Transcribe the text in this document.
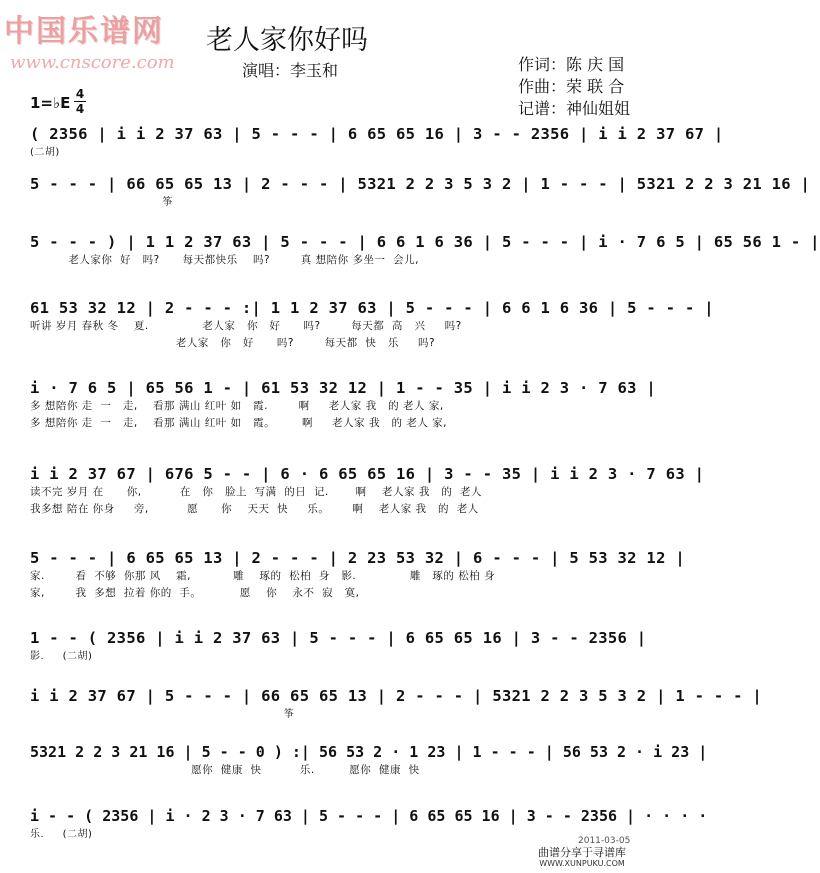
中国乐谱网
www.cnscore.com
老人家你好吗
演唱：李玉和	作词：陈 庆 国
作曲：荣 联 合
记谱：神仙姐姐
1=♭E 4
4
( 2356 | i i 2 37 63 | 5 - - - | 6 65 65 16 | 3 - - 2356 | i i 2 37 67 |
(二胡)
5 - - - | 66 65 65 13 | 2 - - - | 5321 2 2 3 5 3 2 | 1 - - - | 5321 2 2 3 21 16 |
筝
5 - - - ) | 1 1 2 37 63 | 5 - - - | 6 6 1 6 36 | 5 - - - | i · 7 6 5 | 65 56 1 - |
老人家你  好   吗?      每天都快乐    吗?        真 想陪你 多坐一  会儿,
61 53 32 12 | 2 - - - :| 1 1 2 37 63 | 5 - - - | 6 6 1 6 36 | 5 - - - |
听讲 岁月 春秋 冬    夏.              老人家   你   好      吗?        每天都  高   兴     吗?
老人家   你   好      吗?        每天都  快   乐     吗?
i · 7 6 5 | 65 56 1 - | 61 53 32 12 | 1 - - 35 | i i 2 3 · 7 63 |
多 想陪你 走  一   走,    看那 满山 红叶 如   霞.        啊     老人家 我   的 老人 家,
多 想陪你 走  一   走,    看那 满山 红叶 如   霞。       啊     老人家 我   的 老人 家,
i i 2 37 67 | 676 5 - - | 6 · 6 65 65 16 | 3 - - 35 | i i 2 3 · 7 63 |
读不完 岁月 在      你,          在   你   脸上  写满  的日  记.       啊    老人家 我   的  老人
我多想 陪在 你身     旁,          愿      你    天天  快     乐。      啊    老人家 我   的  老人
5 - - - | 6 65 65 13 | 2 - - - | 2 23 53 32 | 6 - - - | 5 53 32 12 |
家.        看  不够  你那 风    霜,           雕    琢的  松柏  身   影.              雕   琢的 松柏 身
家,        我  多想  拉着 你的  手。          愿    你    永不  寂   寞,
1 - - ( 2356 | i i 2 37 63 | 5 - - - | 6 65 65 16 | 3 - - 2356 |
影.     (二胡)
i i 2 37 67 | 5 - - - | 66 65 65 13 | 2 - - - | 5321 2 2 3 5 3 2 | 1 - - - |
筝
5321 2 2 3 21 16 | 5 - - 0 ) :| 56 53 2 · 1 23 | 1 - - - | 56 53 2 · i 23 |
愿你  健康  快          乐.         愿你  健康  快
i - - ( 2356 | i · 2 3 · 7 63 | 5 - - - | 6 65 65 16 | 3 - - 2356 | · · · ·
乐.     (二胡)
2011-03-05
曲谱分享于寻谱库
WWW.XUNPUKU.COM
